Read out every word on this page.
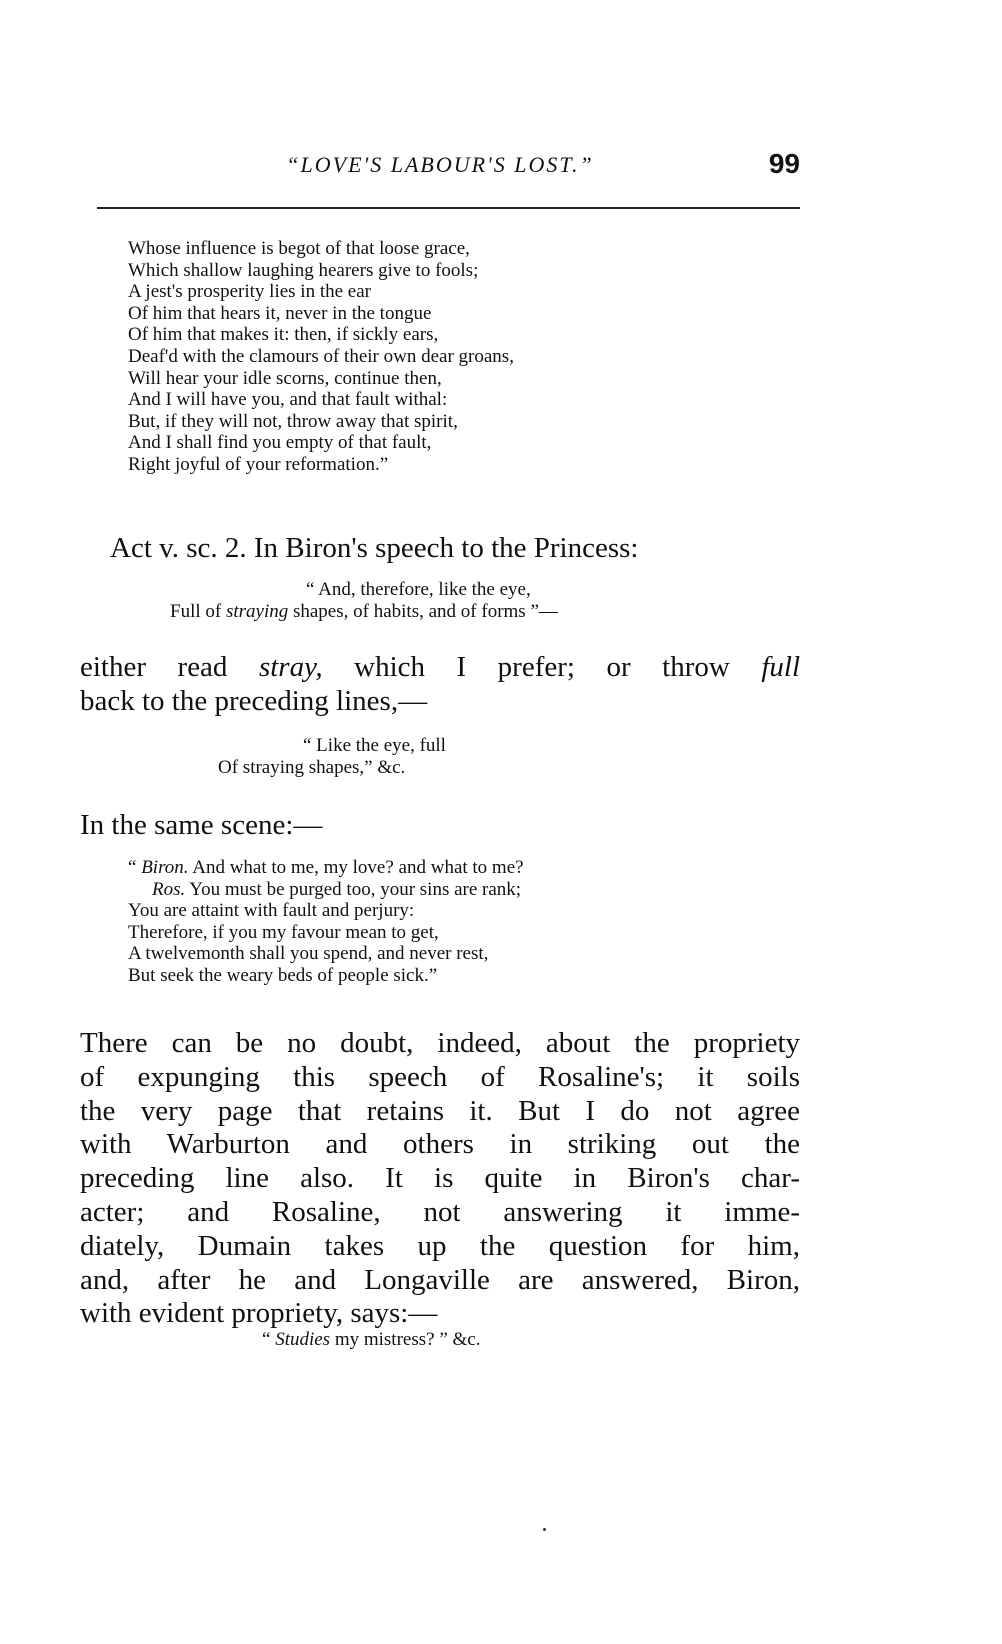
“LOVE'S LABOUR'S LOST.”	99
Whose influence is begot of that loose grace,
Which shallow laughing hearers give to fools;
A jest's prosperity lies in the ear
Of him that hears it, never in the tongue
Of him that makes it: then, if sickly ears,
Deaf'd with the clamours of their own dear groans,
Will hear your idle scorns, continue then,
And I will have you, and that fault withal:
But, if they will not, throw away that spirit,
And I shall find you empty of that fault,
Right joyful of your reformation.”
Act v. sc. 2. In Biron's speech to the Princess:
“ And, therefore, like the eye,
Full of straying shapes, of habits, and of forms ”—
either read stray, which I prefer; or throw full
back to the preceding lines,—
“ Like the eye, full
Of straying shapes,” &c.
In the same scene:—
“ Biron. And what to me, my love? and what to me?
Ros. You must be purged too, your sins are rank;
You are attaint with fault and perjury:
Therefore, if you my favour mean to get,
A twelvemonth shall you spend, and never rest,
But seek the weary beds of people sick.”
There can be no doubt, indeed, about the propriety
of expunging this speech of Rosaline's; it soils
the very page that retains it. But I do not agree
with Warburton and others in striking out the
preceding line also. It is quite in Biron's char-
acter; and Rosaline, not answering it imme-
diately, Dumain takes up the question for him,
and, after he and Longaville are answered, Biron,
with evident propriety, says:—
“ Studies my mistress? ” &c.
